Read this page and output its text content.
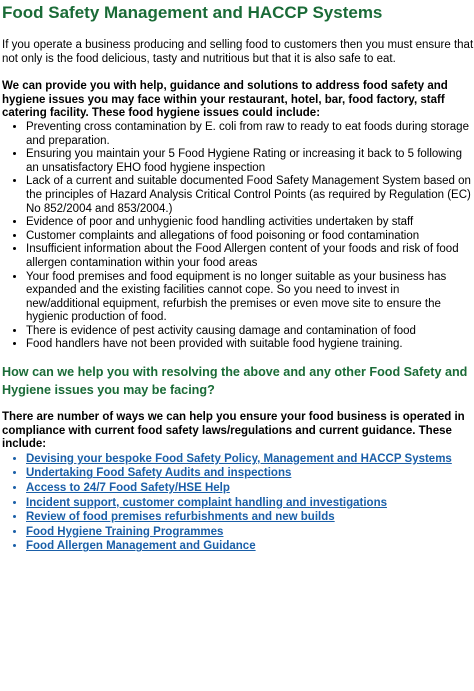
Food Safety Management and HACCP Systems

If you operate a business producing and selling food to customers then you must ensure that not only is the food delicious, tasty and nutritious but that it is also safe to eat.

We can provide you with help, guidance and solutions to address food safety and hygiene issues you may face within your restaurant, hotel, bar, food factory, staff catering facility. These food hygiene issues could include:

• Preventing cross contamination by E. coli from raw to ready to eat foods during storage and preparation.
• Ensuring you maintain your 5 Food Hygiene Rating or increasing it back to 5 following an unsatisfactory EHO food hygiene inspection
• Lack of a current and suitable documented Food Safety Management System based on the principles of Hazard Analysis Critical Control Points (as required by Regulation (EC) No 852/2004 and 853/2004.)
• Evidence of poor and unhygienic food handling activities undertaken by staff
• Customer complaints and allegations of food poisoning or food contamination
• Insufficient information about the Food Allergen content of your foods and risk of food allergen contamination within your food areas
• Your food premises and food equipment is no longer suitable as your business has expanded and the existing facilities cannot cope. So you need to invest in new/additional equipment, refurbish the premises or even move site to ensure the hygienic production of food.
• There is evidence of pest activity causing damage and contamination of food
• Food handlers have not been provided with suitable food hygiene training.
How can we help you with resolving the above and any other Food Safety and Hygiene issues you may be facing?

There are number of ways we can help you ensure your food business is operated in compliance with current food safety laws/regulations and current guidance. These include:

• Devising your bespoke Food Safety Policy, Management and HACCP Systems
• Undertaking Food Safety Audits and inspections
• Access to 24/7 Food Safety/HSE Help
• Incident support, customer complaint handling and investigations
• Review of food premises refurbishments and new builds
• Food Hygiene Training Programmes
• Food Allergen Management and Guidance
